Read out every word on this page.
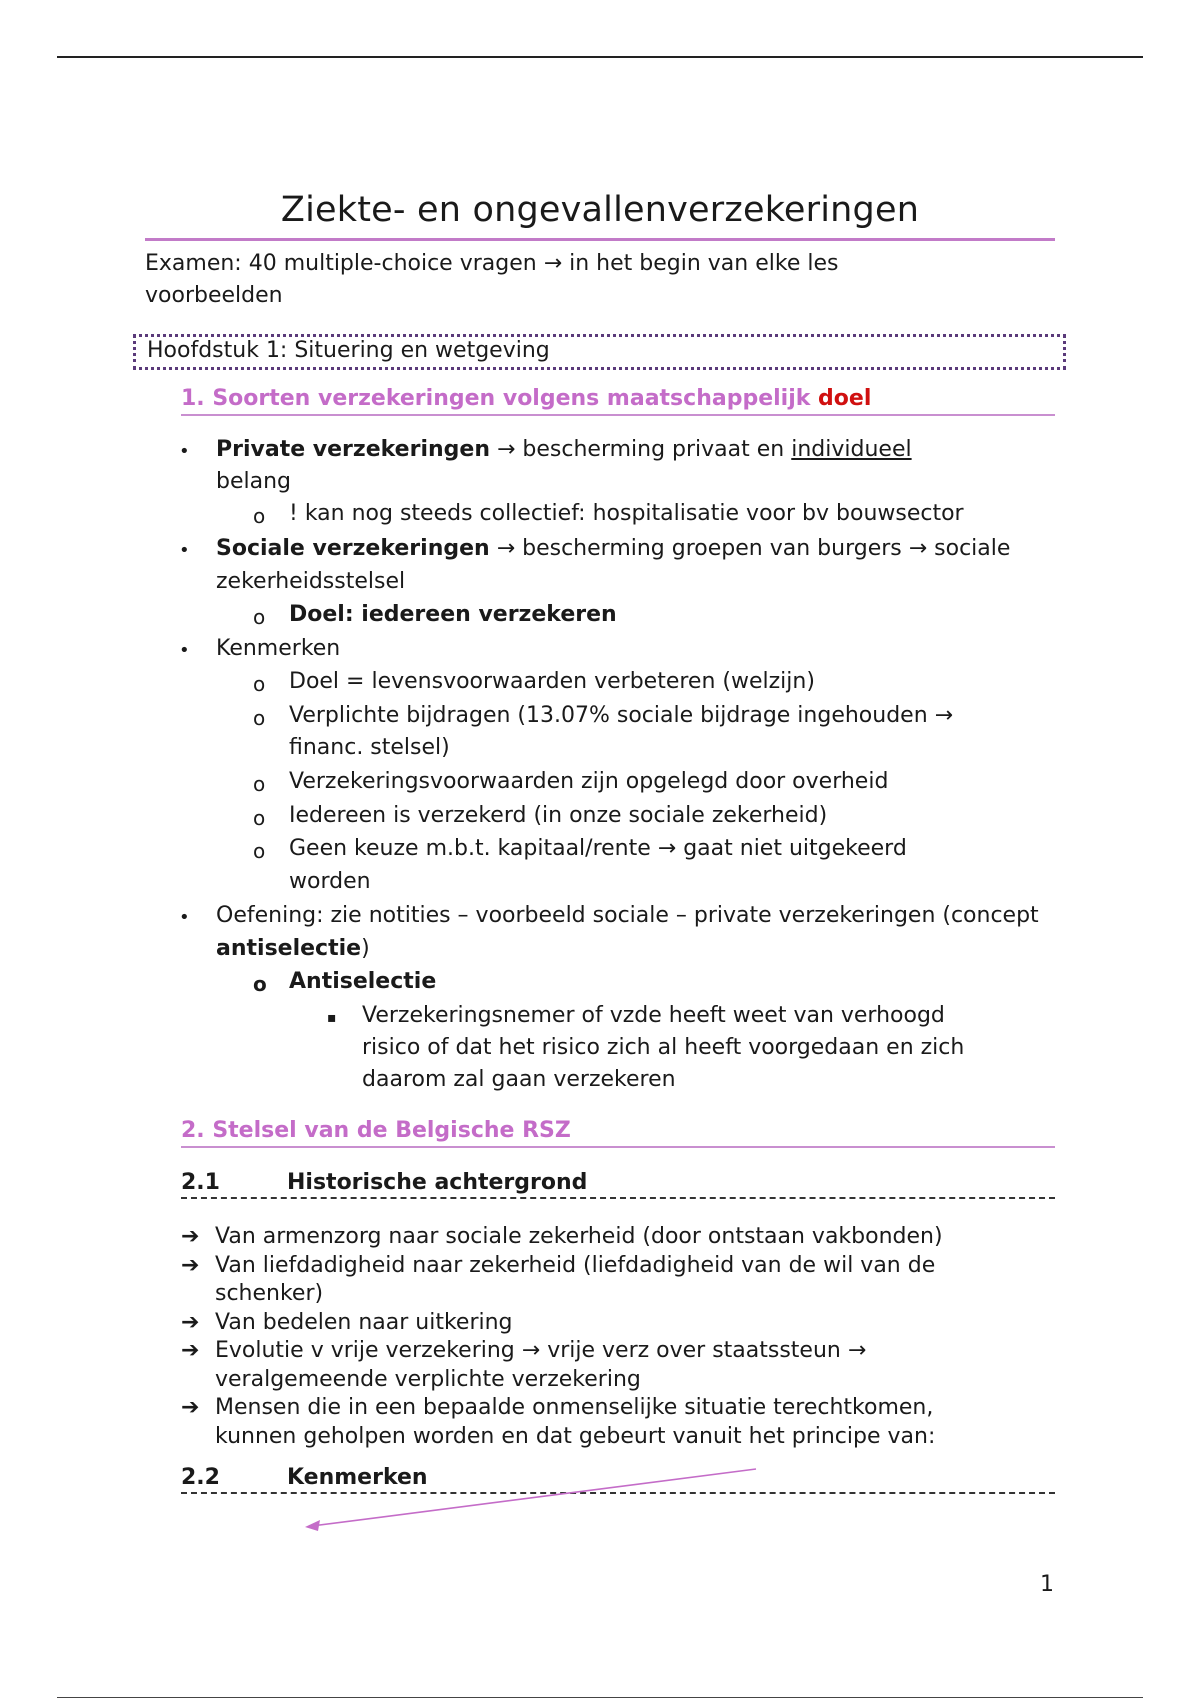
Ziekte- en ongevallenverzekeringen
Examen: 40 multiple-choice vragen → in het begin van elke les
voorbeelden
Hoofdstuk 1: Situering en wetgeving
1. Soorten verzekeringen volgens maatschappelijk doel
• Private verzekeringen → bescherming privaat en individueel
belang
o ! kan nog steeds collectief: hospitalisatie voor bv bouwsector
• Sociale verzekeringen → bescherming groepen van burgers → sociale
zekerheidsstelsel
o Doel: iedereen verzekeren
• Kenmerken
o Doel = levensvoorwaarden verbeteren (welzijn)
o Verplichte bijdragen (13.07% sociale bijdrage ingehouden →
financ. stelsel)
o Verzekeringsvoorwaarden zijn opgelegd door overheid
o Iedereen is verzekerd (in onze sociale zekerheid)
o Geen keuze m.b.t. kapitaal/rente → gaat niet uitgekeerd
worden
• Oefening: zie notities – voorbeeld sociale – private verzekeringen (concept
antiselectie)
o Antiselectie
▪ Verzekeringsnemer of vzde heeft weet van verhoogd
risico of dat het risico zich al heeft voorgedaan en zich
daarom zal gaan verzekeren
2. Stelsel van de Belgische RSZ
2.1	Historische achtergrond
➔ Van armenzorg naar sociale zekerheid (door ontstaan vakbonden)
➔ Van liefdadigheid naar zekerheid (liefdadigheid van de wil van de
schenker)
➔ Van bedelen naar uitkering
➔ Evolutie v vrije verzekering → vrije verz over staatssteun →
veralgemeende verplichte verzekering
➔ Mensen die in een bepaalde onmenselijke situatie terechtkomen,
kunnen geholpen worden en dat gebeurt vanuit het principe van:
2.2	Kenmerken
1
